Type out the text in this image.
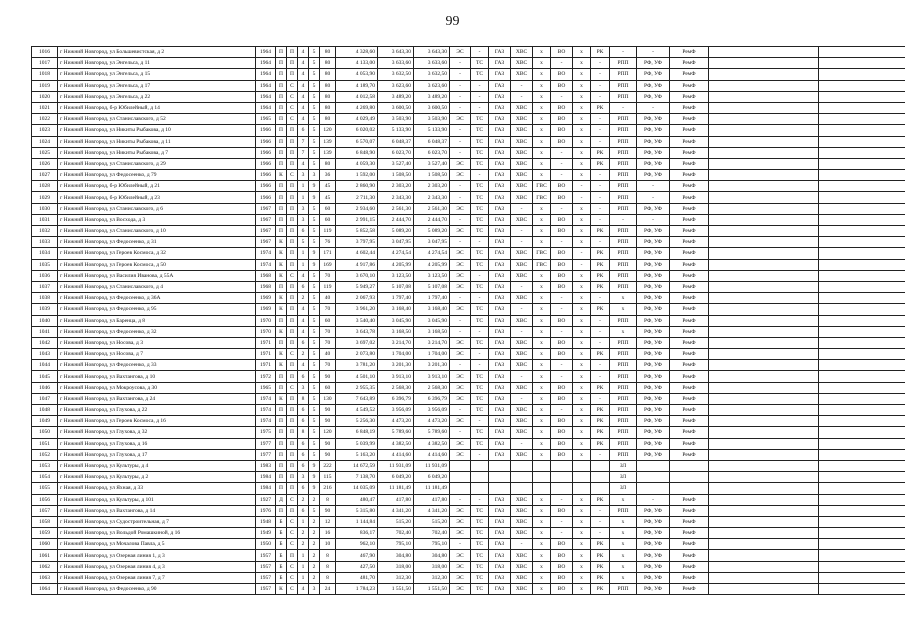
99
1016	г Нижний Новгород, ул Большевистская, д 2	1964	П	П	4	5	80	4 328,60	3 643,30	3 643,30	ЭС	-	ГАЗ	ХВС	х	ВО	х	РК	-	-	РемФ		
1017	г Нижний Новгород, ул Энгельса, д 11	1964	П	П	4	5	80	4 133,00	3 633,60	3 633,60	-	ТС	ГАЗ	ХВС	х	-	х	-	РПП	РФ, УФ	РемФ		
1018	г Нижний Новгород, ул Энгельса, д 15	1964	П	П	4	5	80	4 053,90	3 632,50	3 632,50	-	ТС	ГАЗ	ХВС	х	ВО	х	-	РПП	РФ, УФ	РемФ		
1019	г Нижний Новгород, ул Энгельса, д 17	1964	П	С	4	5	80	4 189,70	3 623,60	3 623,60	-	-	ГАЗ	-	х	ВО	х	-	РПП	РФ, УФ	РемФ		
1020	г Нижний Новгород, ул Энгельса, д 22	1964	П	С	4	5	80	4 012,58	3 489,20	3 489,20	-	-	ГАЗ	-	х	-	х	-	РПП	РФ, УФ	РемФ		
1021	г Нижний Новгород, б-р Юбилейный, д 14	1964	П	С	4	5	80	4 269,80	3 600,50	3 600,50	-	-	ГАЗ	ХВС	х	ВО	х	РК	-	-	РемФ		
1022	г Нижний Новгород, ул Станиславского, д 52	1965	П	С	4	5	80	4 029,49	3 503,90	3 503,90	ЭС	ТС	ГАЗ	ХВС	х	ВО	х	-	РПП	РФ, УФ	РемФ		
1023	г Нижний Новгород, ул Никиты Рыбакова, д 10	1966	П	П	6	5	120	6 020,02	5 133,90	5 133,90	-	ТС	ГАЗ	ХВС	х	ВО	х	-	РПП	РФ, УФ	РемФ		
1024	г Нижний Новгород, ул Никиты Рыбакова, д 11	1966	П	П	7	5	139	6 570,07	6 048,37	6 048,37	-	ТС	ГАЗ	ХВС	х	ВО	х	-	РПП	РФ, УФ	РемФ		
1025	г Нижний Новгород, ул Никиты Рыбакова, д 7	1966	П	П	7	5	139	6 848,90	6 023,70	6 023,70	-	ТС	ГАЗ	ХВС	х	-	х	РК	РПП	РФ, УФ	РемФ		
1026	г Нижний Новгород, ул Станиславского, д 29	1966	П	П	4	5	80	4 059,30	3 527,40	3 527,40	ЭС	ТС	ГАЗ	ХВС	х	-	х	РК	РПП	РФ, УФ	РемФ		
1027	г Нижний Новгород, ул Федосеенко, д 79	1966	К	С	3	3	36	1 592,00	1 508,50	1 508,50	ЭС	-	ГАЗ	ХВС	х	-	х	-	РПП	РФ, УФ	РемФ		
1028	г Нижний Новгород, б-р Юбилейный, д 21	1966	П	П	1	9	45	2 860,90	2 303,20	2 303,20	-	ТС	ГАЗ	ХВС	ГВС	ВО	-	-	РПП	-	РемФ		
1029	г Нижний Новгород, б-р Юбилейный, д 23	1966	П	П	1	9	45	2 711,30	2 343,30	2 343,30	-	ТС	ГАЗ	ХВС	ГВС	ВО	-	-	РПП	-	РемФ		
1030	г Нижний Новгород, ул Станиславского, д 6	1967	П	П	3	5	60	2 934,60	2 561,30	2 561,30	ЭС	ТС	ГАЗ	-	х	-	х	-	РПП	РФ, УФ	РемФ		
1031	г Нижний Новгород, ул Восхода, д 3	1967	П	П	3	5	60	2 991,15	2 444,70	2 444,70	-	ТС	ГАЗ	ХВС	х	ВО	х	-	-	-	РемФ		
1032	г Нижний Новгород, ул Станиславского, д 10	1967	П	П	6	5	119	5 852,58	5 089,20	5 089,20	ЭС	ТС	ГАЗ	-	х	ВО	х	РК	РПП	РФ, УФ	РемФ		
1033	г Нижний Новгород, ул Федосеенко, д 31	1967	К	П	5	5	76	3 797,95	3 047,95	3 047,95	-	-	ГАЗ	-	х	-	х	-	РПП	РФ, УФ	РемФ		
1034	г Нижний Новгород, ул Героев Космоса, д 32	1974	К	П	1	9	171	4 602,44	4 274,54	4 274,54	ЭС	ТС	ГАЗ	ХВС	ГВС	ВО	-	РК	РПП	РФ, УФ	РемФ		
1035	г Нижний Новгород, ул Героев Космоса, д 50	1974	К	П	1	9	169	4 917,86	4 205,99	4 205,99	ЭС	ТС	ГАЗ	ХВС	ГВС	ВО	-	РК	РПП	РФ, УФ	РемФ		
1036	г Нижний Новгород, ул Василия Иванова, д 55А	1968	К	С	4	5	70	3 670,10	3 123,50	3 123,50	ЭС	-	ГАЗ	ХВС	х	ВО	х	РК	РПП	РФ, УФ	РемФ		
1037	г Нижний Новгород, ул Станиславского, д 4	1968	П	П	6	5	119	5 949,27	5 107,08	5 107,08	ЭС	ТС	ГАЗ	-	х	ВО	х	РК	РПП	РФ, УФ	РемФ		
1038	г Нижний Новгород, ул Федосеенко, д 36А	1969	К	П	2	5	40	2 067,93	1 797,40	1 797,40	-	-	ГАЗ	ХВС	х	-	х	-	х	РФ, УФ	РемФ		
1039	г Нижний Новгород, ул Федосеенко, д 95	1969	К	П	4	5	70	3 961,20	3 168,40	3 168,40	ЭС	ТС	ГАЗ	-	х	-	х	РК	х	РФ, УФ	РемФ		
1040	г Нижний Новгород, ул Баренца, д 8	1970	П	П	4	5	60	3 540,40	3 045,90	3 045,90	-	ТС	ГАЗ	ХВС	х	ВО	х	-	РПП	РФ, УФ	РемФ		
1041	г Нижний Новгород, ул Федосеенко, д 32	1970	К	П	4	5	70	3 643,78	3 168,50	3 168,50	-	-	ГАЗ	-	х	-	х	-	х	РФ, УФ	РемФ		
1042	г Нижний Новгород, ул Носова, д 3	1971	П	П	6	5	70	3 697,02	3 214,70	3 214,70	ЭС	ТС	ГАЗ	ХВС	х	ВО	х	-	РПП	РФ, УФ	РемФ		
1043	г Нижний Новгород, ул Носова, д 7	1971	К	С	2	5	40	2 073,80	1 704,00	1 704,00	ЭС	-	ГАЗ	ХВС	х	ВО	х	РК	РПП	РФ, УФ	РемФ		
1044	г Нижний Новгород, ул Федосеенко, д 33	1971	К	П	4	5	70	3 781,20	3 201,30	3 201,30	-	-	ГАЗ	ХВС	х	-	х	-	РПП	РФ, УФ	РемФ		
1045	г Нижний Новгород, ул Вахтангова, д 10	1972	П	П	6	5	90	4 501,10	3 913,10	3 913,10	ЭС	ТС	ГАЗ	-	х	-	х	-	РПП	РФ, УФ	РемФ		
1046	г Нижний Новгород, ул Мокроусова, д 30	1965	П	С	3	5	60	2 955,35	2 568,30	2 568,30	ЭС	ТС	ГАЗ	ХВС	х	ВО	х	РК	РПП	РФ, УФ	РемФ		
1047	г Нижний Новгород, ул Вахтангова, д 24	1974	К	П	8	5	130	7 643,89	6 396,79	6 396,79	ЭС	ТС	ГАЗ	-	х	ВО	х	-	РПП	РФ, УФ	РемФ		
1048	г Нижний Новгород, ул Глухова, д 22	1974	П	П	6	5	90	4 549,52	3 956,09	3 956,09	-	ТС	ГАЗ	ХВС	х	-	х	РК	РПП	РФ, УФ	РемФ		
1049	г Нижний Новгород, ул Героев Космоса, д 16	1974	П	П	6	5	90	5 256,30	4 473,20	4 473,20	ЭС	-	ГАЗ	ХВС	х	ВО	х	РК	РПП	РФ, УФ	РемФ		
1050	г Нижний Новгород, ул Глухова, д 32	1975	П	П	8	5	120	6 848,19	5 789,60	5 789,60	-	ТС	ГАЗ	ХВС	х	ВО	х	РК	РПП	РФ, УФ	РемФ		
1051	г Нижний Новгород, ул Глухова, д 16	1977	П	П	6	5	90	5 039,99	4 382,50	4 382,50	ЭС	ТС	ГАЗ	-	х	ВО	х	РК	РПП	РФ, УФ	РемФ		
1052	г Нижний Новгород, ул Глухова, д 17	1977	П	П	6	5	90	5 163,20	4 414,60	4 414,60	ЭС	-	ГАЗ	ХВС	х	ВО	х	-	РПП	РФ, УФ	РемФ		
1053	г Нижний Новгород, ул Культуры, д 4	1983	П	П	6	9	222	14 672,59	11 931,09	11 931,09									ЗЛ				
1054	г Нижний Новгород, ул Культуры, д 2	1984	П	П	3	9	115	7 138,70	6 049,20	6 049,20									ЗЛ				
1055	г Нижний Новгород, ул Яхная, д 33	1984	П	П	6	9	216	14 035,09	11 181,49	11 181,49									ЗЛ				
1056	г Нижний Новгород, ул Культуры, д 101	1927	Д	С	2	2	8	480,47	417,80	417,80	-	-	ГАЗ	ХВС	х	-	х	РК	х	-	РемФ		
1057	г Нижний Новгород, ул Вахтангова, д 14	1976	П	П	6	5	90	5 315,80	4 341,20	4 341,20	ЭС	ТС	ГАЗ	ХВС	х	ВО	х	-	РПП	РФ, УФ	РемФ		
1058	г Нижний Новгород, ул Судостроительная, д 7	1948	Б	С	1	2	12	1 144,84	515,20	515,20	ЭС	ТС	ГАЗ	ХВС	х	-	х	-	х	РФ, УФ	РемФ		
1059	г Нижний Новгород, ул Вольдой Ромашкиной, д 16	1949	Б	С	2	2	16	836,17	702,40	702,40	ЭС	ТС	ГАЗ	ХВС	х	-	х	-	х	РФ, УФ	РемФ		
1060	г Нижний Новгород, ул Мочалова Павла, д 5	1950	Б	С	2	2	10	962,10	795,10	795,10	-	ТС	ГАЗ	-	х	ВО	х	РК	х	РФ, УФ	РемФ		
1061	г Нижний Новгород, ул Озерная линия 1, д 3	1957	Б	П	1	2	8	467,90	304,80	304,80	ЭС	ТС	ГАЗ	ХВС	х	ВО	х	РК	х	РФ, УФ	РемФ		
1062	г Нижний Новгород, ул Озерная линия 4, д 3	1957	Б	С	1	2	8	427,50	318,00	318,00	ЭС	ТС	ГАЗ	ХВС	х	ВО	х	РК	х	РФ, УФ	РемФ		
1063	г Нижний Новгород, ул Озерная линия 7, д 7	1957	Б	С	1	2	8	481,70	312,30	312,30	ЭС	ТС	ГАЗ	ХВС	х	ВО	х	РК	х	РФ, УФ	РемФ		
1064	г Нижний Новгород, ул Федосеенко, д 90	1957	К	С	4	3	24	1 784,23	1 551,50	1 551,50	ЭС	ТС	ГАЗ	ХВС	х	ВО	х	РК	РПП	РФ, УФ	РемФ		
